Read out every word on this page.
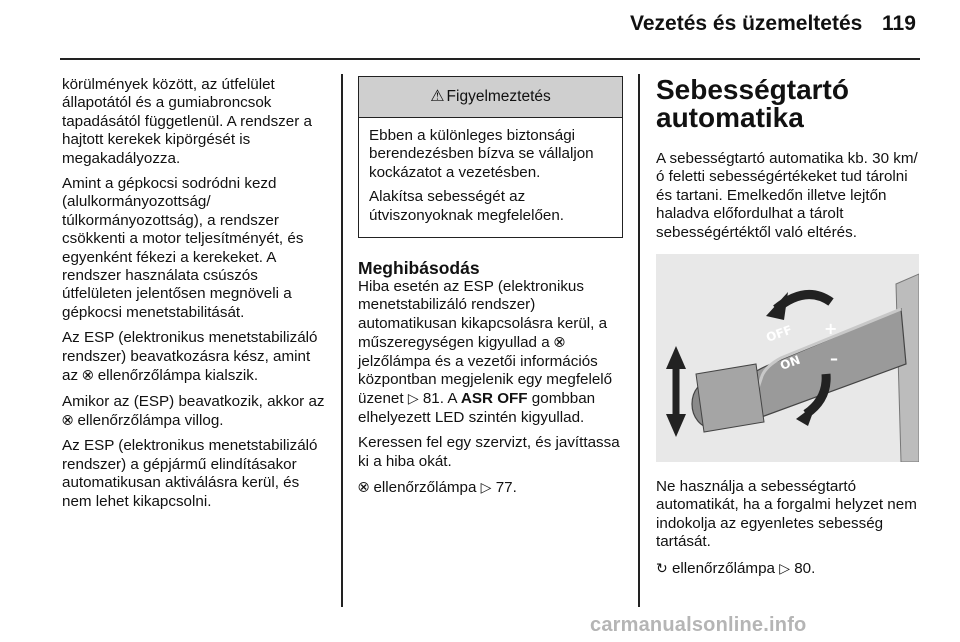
Vezetés és üzemeltetés 119

körülmények között, az útfelület állapotától és a gumiabroncsok tapadásától függetlenül. A rendszer a hajtott kerekek kipörgését is megakadályozza.

Amint a gépkocsi sodródni kezd (alulkormányozottság/ túlkormányozottság), a rendszer csökkenti a motor teljesítményét, és egyenként fékezi a kerekeket. A rendszer használata csúszós útfelületen jelentősen megnöveli a gépkocsi menetstabilitását.

Az ESP (elektronikus menetstabilizáló rendszer) beavatkozásra kész, amint az ⮿ ellenőrzőlámpa kialszik.

Amikor az (ESP) beavatkozik, akkor az ⮿ ellenőrzőlámpa villog.

Az ESP (elektronikus menetstabilizáló rendszer) a gépjármű elindításakor automatikusan aktiválásra kerül, és nem lehet kikapcsolni.

⚠ Figyelmeztetés

Ebben a különleges biztonsági berendezésben bízva se vállaljon kockázatot a vezetésben.

Alakítsa sebességét az útviszonyoknak megfelelően.

Meghibásodás

Hiba esetén az ESP (elektronikus menetstabilizáló rendszer) automatikusan kikapcsolásra kerül, a műszeregységen kigyullad a ⮿ jelzőlámpa és a vezetői információs központban megjelenik egy megfelelő üzenet ▷ 81. A ASR OFF gombban elhelyezett LED szintén kigyullad.

Keressen fel egy szervizt, és javíttassa ki a hiba okát.

⮿ ellenőrzőlámpa ▷ 77.

Sebességtartó automatika

A sebességtartó automatika kb. 30 km/ó feletti sebességértékeket tud tárolni és tartani. Emelkedőn illetve lejtőn haladva előfordulhat a tárolt sebességértéktől való eltérés.

OFF
ON
+
–

Ne használja a sebességtartó automatikát, ha a forgalmi helyzet nem indokolja az egyenletes sebesség tartását.

↻ ellenőrzőlámpa ▷ 80.

carmanualsonline.info
